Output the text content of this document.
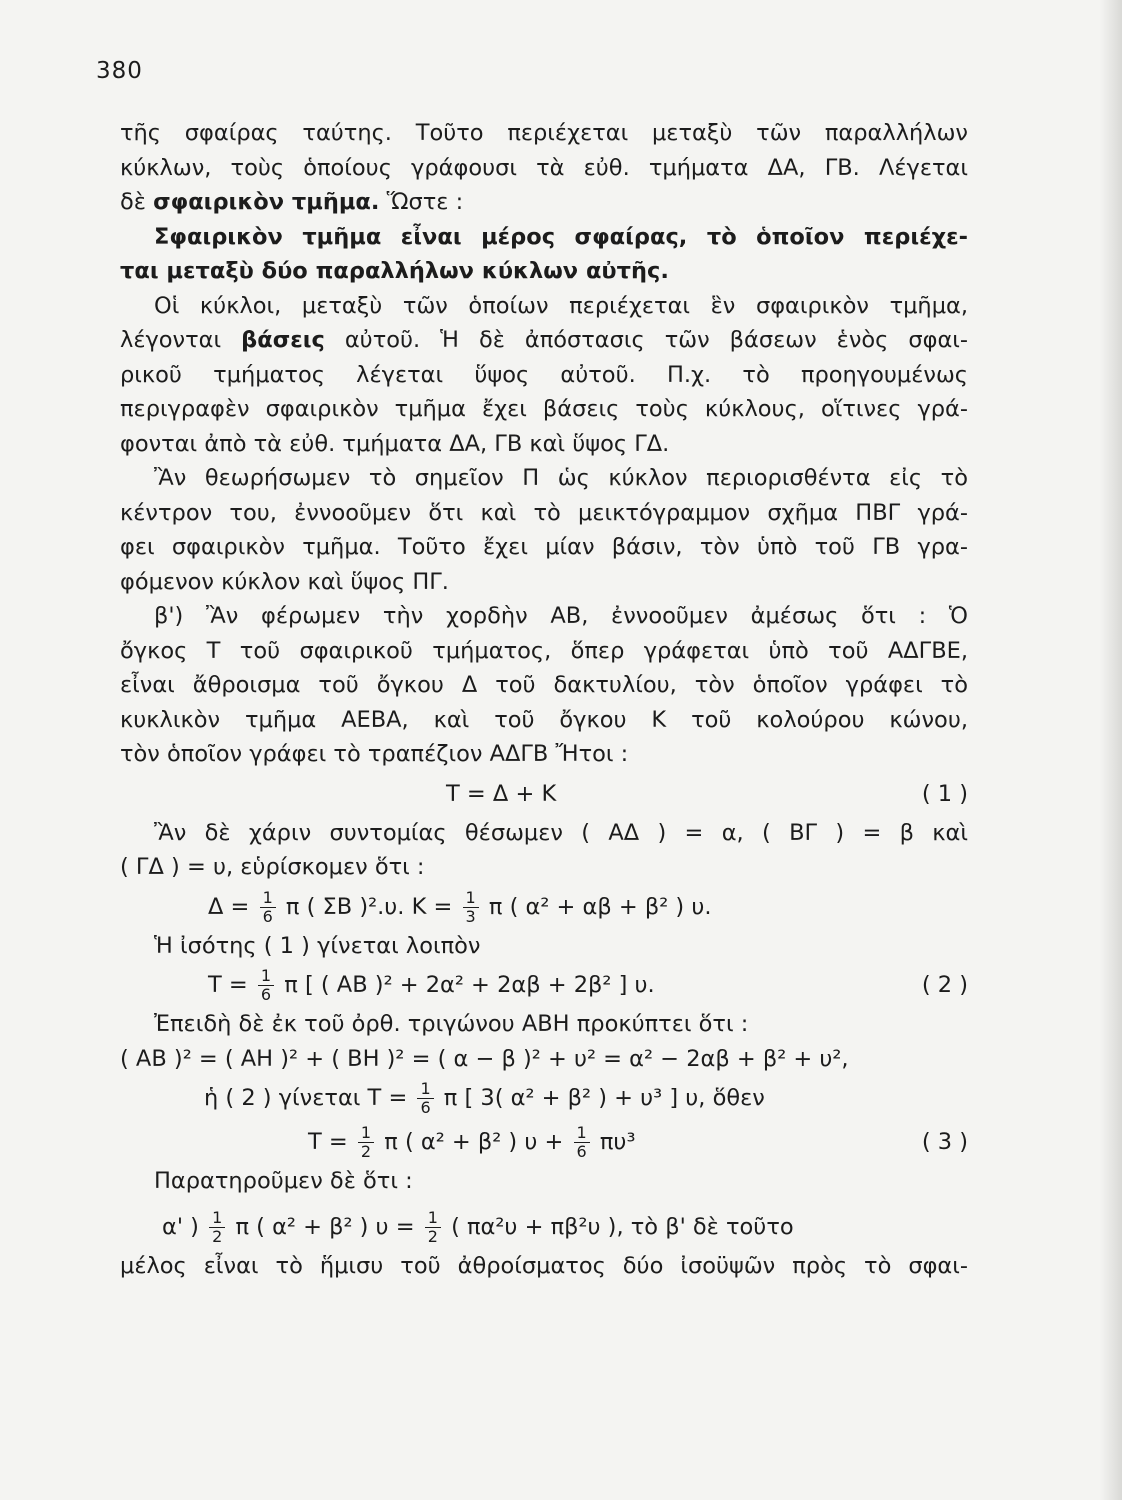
380
τῆς σφαίρας ταύτης. Τοῦτο περιέχεται μεταξὺ τῶν παραλλήλων
κύκλων, τοὺς ὁποίους γράφουσι τὰ εὐθ. τμήματα ΔΑ, ΓΒ. Λέγεται
δὲ σφαιρικὸν τμῆμα. Ὥστε :
Σφαιρικὸν τμῆμα εἶναι μέρος σφαίρας, τὸ ὁποῖον περιέχε-
ται μεταξὺ δύο παραλλήλων κύκλων αὐτῆς.
Οἱ κύκλοι, μεταξὺ τῶν ὁποίων περιέχεται ἓν σφαιρικὸν τμῆμα,
λέγονται βάσεις αὐτοῦ. Ἡ δὲ ἀπόστασις τῶν βάσεων ἑνὸς σφαι-
ρικοῦ τμήματος λέγεται ὕψος αὐτοῦ. Π.χ. τὸ προηγουμένως
περιγραφὲν σφαιρικὸν τμῆμα ἔχει βάσεις τοὺς κύκλους, οἵτινες γρά-
φονται ἀπὸ τὰ εὐθ. τμήματα ΔΑ, ΓΒ καὶ ὕψος ΓΔ.
Ἂν θεωρήσωμεν τὸ σημεῖον Π ὡς κύκλον περιορισθέντα εἰς τὸ
κέντρον του, ἐννοοῦμεν ὅτι καὶ τὸ μεικτόγραμμον σχῆμα ΠΒΓ γρά-
φει σφαιρικὸν τμῆμα. Τοῦτο ἔχει μίαν βάσιν, τὸν ὑπὸ τοῦ ΓΒ γρα-
φόμενον κύκλον καὶ ὕψος ΠΓ.
β') Ἂν φέρωμεν τὴν χορδὴν ΑΒ, ἐννοοῦμεν ἀμέσως ὅτι : Ὁ
ὄγκος Τ τοῦ σφαιρικοῦ τμήματος, ὅπερ γράφεται ὑπὸ τοῦ ΑΔΓΒΕ,
εἶναι ἄθροισμα τοῦ ὄγκου Δ τοῦ δακτυλίου, τὸν ὁποῖον γράφει τὸ
κυκλικὸν τμῆμα ΑΕΒΑ, καὶ τοῦ ὄγκου Κ τοῦ κολούρου κώνου,
τὸν ὁποῖον γράφει τὸ τραπέζιον ΑΔΓΒ Ἤτοι :
Τ = Δ + Κ	( 1 )
Ἂν δὲ χάριν συντομίας θέσωμεν ( ΑΔ ) = α, ( ΒΓ ) = β καὶ
( ΓΔ ) = υ, εὑρίσκομεν ὅτι :
$\Delta = \frac{1}{6}$ π ( ΣΒ )².υ. $K = \frac{1}{3}$ π ( α² + αβ + β² ) υ.
Ἡ ἰσότης ( 1 ) γίνεται λοιπὸν
$T = \frac{1}{6}$ π [ ( ΑΒ )² + 2α² + 2αβ + 2β² ] υ.	( 2 )
Ἐπειδὴ δὲ ἐκ τοῦ ὀρθ. τριγώνου ΑΒΗ προκύπτει ὅτι :
( ΑΒ )² = ( ΑΗ )² + ( ΒΗ )² = ( α − β )² + υ² = α² − 2αβ + β² + υ²,
ἡ ( 2 ) γίνεται $T = \frac{1}{6}$ π [ 3( α² + β² ) + υ³ ] υ, ὅθεν
$T = \frac{1}{2}$ π ( α² + β² ) $\upsilon + \frac{1}{6} \pi\upsilon^3$	( 3 )
Παρατηροῦμεν δὲ ὅτι :
α' ) $\frac{1}{2}$ π ( α² + β² ) $\upsilon = \frac{1}{2}$ ( πα²υ + πβ²υ ), τὸ β' δὲ τοῦτο
μέλος εἶναι τὸ ἥμισυ τοῦ ἀθροίσματος δύο ἰσοϋψῶν πρὸς τὸ σφαι-
